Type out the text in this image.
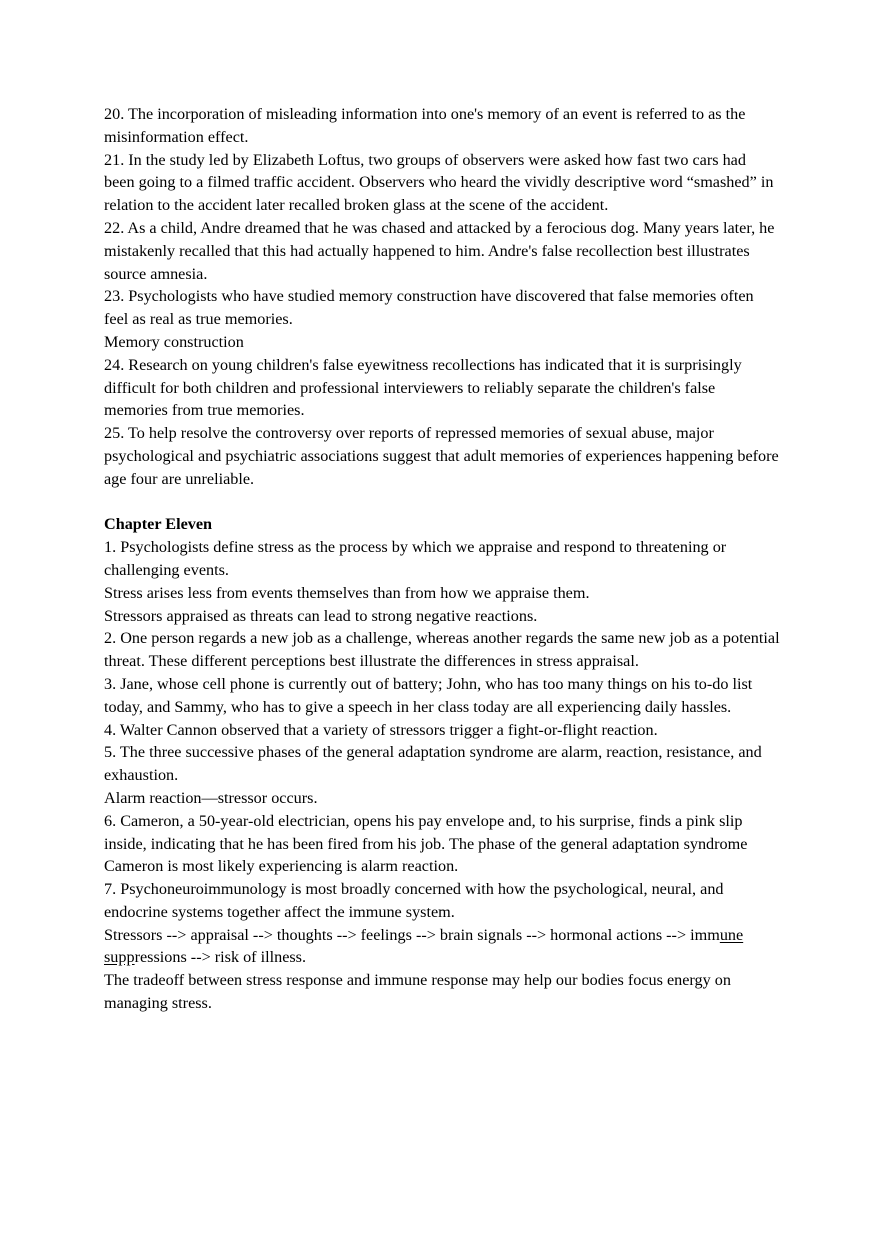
20. The incorporation of misleading information into one's memory of an event is referred to as the misinformation effect.

21. In the study led by Elizabeth Loftus, two groups of observers were asked how fast two cars had been going to a filmed traffic accident. Observers who heard the vividly descriptive word “smashed” in relation to the accident later recalled broken glass at the scene of the accident.

22. As a child, Andre dreamed that he was chased and attacked by a ferocious dog. Many years later, he mistakenly recalled that this had actually happened to him. Andre's false recollection best illustrates source amnesia.

23. Psychologists who have studied memory construction have discovered that false memories often feel as real as true memories.

Memory construction

24. Research on young children's false eyewitness recollections has indicated that it is surprisingly difficult for both children and professional interviewers to reliably separate the children's false memories from true memories.

25. To help resolve the controversy over reports of repressed memories of sexual abuse, major psychological and psychiatric associations suggest that adult memories of experiences happening before age four are unreliable.

Chapter Eleven

1. Psychologists define stress as the process by which we appraise and respond to threatening or challenging events.

Stress arises less from events themselves than from how we appraise them.

Stressors appraised as threats can lead to strong negative reactions.

2. One person regards a new job as a challenge, whereas another regards the same new job as a potential threat. These different perceptions best illustrate the differences in stress appraisal.

3. Jane, whose cell phone is currently out of battery; John, who has too many things on his to-do list today, and Sammy, who has to give a speech in her class today are all experiencing daily hassles.

4. Walter Cannon observed that a variety of stressors trigger a fight-or-flight reaction.

5. The three successive phases of the general adaptation syndrome are alarm, reaction, resistance, and exhaustion.

Alarm reaction—stressor occurs.

6. Cameron, a 50-year-old electrician, opens his pay envelope and, to his surprise, finds a pink slip inside, indicating that he has been fired from his job. The phase of the general adaptation syndrome Cameron is most likely experiencing is alarm reaction.

7. Psychoneuroimmunology is most broadly concerned with how the psychological, neural, and endocrine systems together affect the immune system.

Stressors --> appraisal --> thoughts --> feelings --> brain signals --> hormonal actions --> immune suppressions --> risk of illness.

The tradeoff between stress response and immune response may help our bodies focus energy on managing stress.
